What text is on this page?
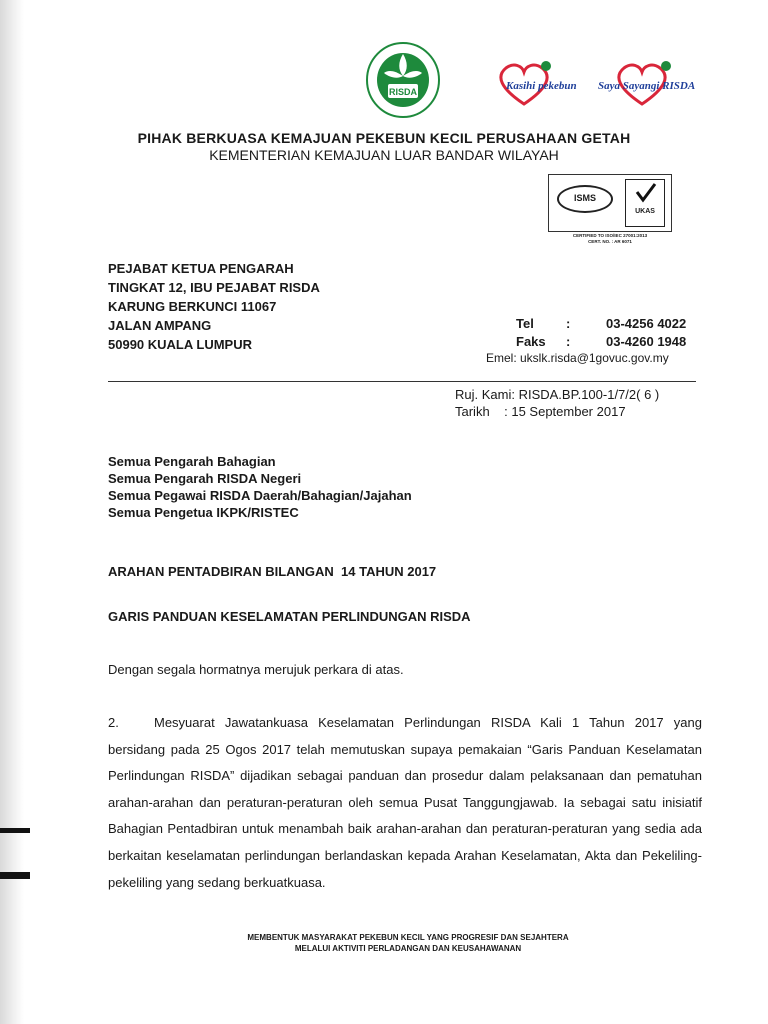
RISDA	Kasihi pekebun Saya Sayangi RISDA
PIHAK BERKUASA KEMAJUAN PEKEBUN KECIL PERUSAHAAN GETAH
KEMENTERIAN KEMAJUAN LUAR BANDAR WILAYAH
ISMS
UKAS
CERTIFIED TO ISO/IEC 27001:2013
CERT. NO. : AR 6071
PEJABAT KETUA PENGARAH
TINGKAT 12, IBU PEJABAT RISDA
KARUNG BERKUNCI 11067
JALAN AMPANG
50990 KUALA LUMPUR
Tel :	03-4256 4022
Faks :	03-4260 1948
Emel: ukslk.risda@1govuc.gov.my
Ruj. Kami: RISDA.BP.100-1/7/2( 6 )
Tarikh    : 15 September 2017
Semua Pengarah Bahagian
Semua Pengarah RISDA Negeri
Semua Pegawai RISDA Daerah/Bahagian/Jajahan
Semua Pengetua IKPK/RISTEC
ARAHAN PENTADBIRAN BILANGAN  14 TAHUN 2017
GARIS PANDUAN KESELAMATAN PERLINDUNGAN RISDA
Dengan segala hormatnya merujuk perkara di atas.
2.	Mesyuarat Jawatankuasa Keselamatan Perlindungan RISDA Kali 1 Tahun 2017 yang bersidang pada 25 Ogos 2017 telah memutuskan supaya pemakaian “Garis Panduan Keselamatan Perlindungan RISDA” dijadikan sebagai panduan dan prosedur dalam pelaksanaan dan pematuhan arahan-arahan dan peraturan-peraturan oleh semua Pusat Tanggungjawab. Ia sebagai satu inisiatif Bahagian Pentadbiran untuk menambah baik arahan-arahan dan peraturan-peraturan yang sedia ada berkaitan keselamatan perlindungan berlandaskan kepada Arahan Keselamatan, Akta dan Pekeliling-pekeliling yang sedang berkuatkuasa.
MEMBENTUK MASYARAKAT PEKEBUN KECIL YANG PROGRESIF DAN SEJAHTERA
MELALUI AKTIVITI PERLADANGAN DAN KEUSAHAWANAN
